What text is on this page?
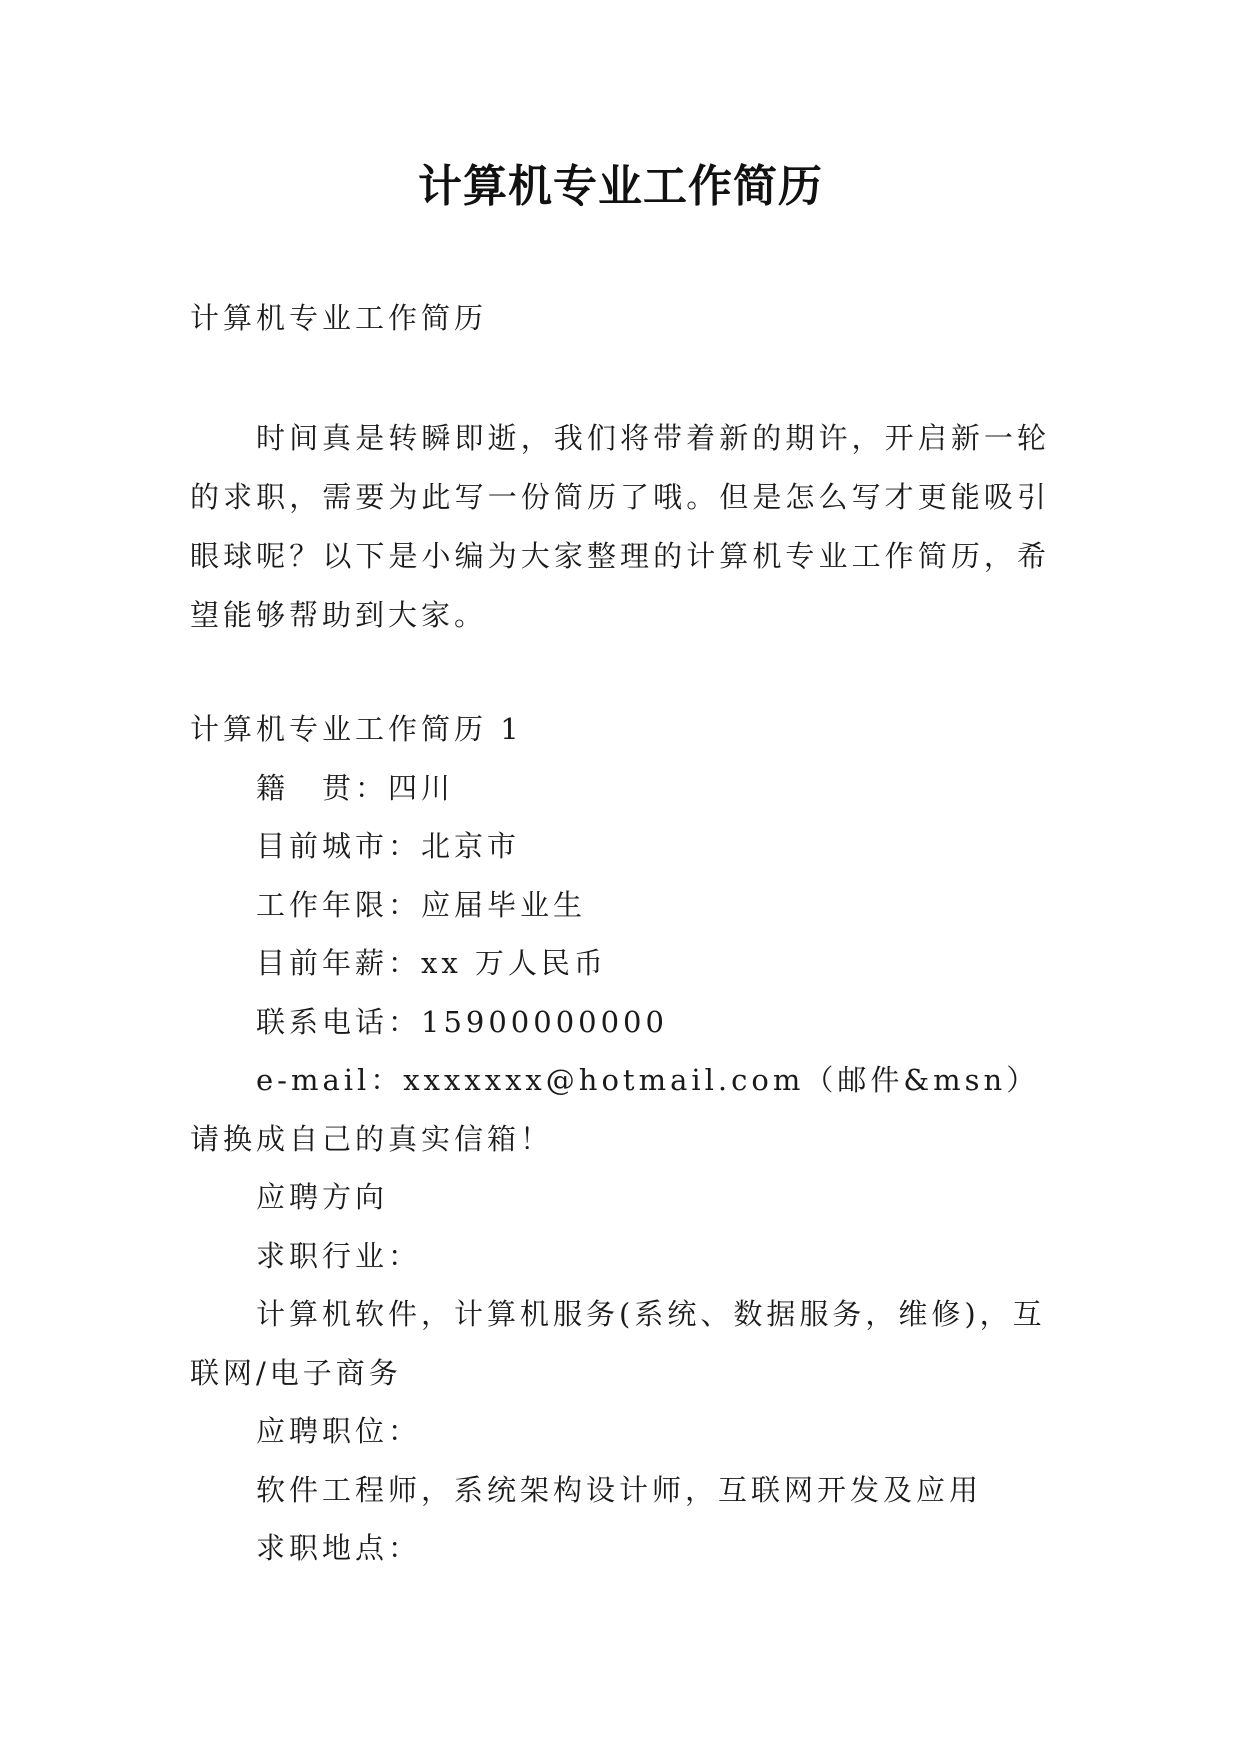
计算机专业工作简历
计算机专业工作简历
时间真是转瞬即逝，我们将带着新的期许，开启新一轮的求职，需要为此写一份简历了哦。但是怎么写才更能吸引眼球呢？以下是小编为大家整理的计算机专业工作简历，希望能够帮助到大家。

计算机专业工作简历 1

籍　贯：四川

目前城市：北京市

工作年限：应届毕业生

目前年薪：xx 万人民币

联系电话：15900000000

e-mail：xxxxxxx@hotmail.com（邮件&msn）请换成自己的真实信箱！

应聘方向

求职行业：

计算机软件，计算机服务(系统、数据服务，维修)，互联网/电子商务

应聘职位：

软件工程师，系统架构设计师，互联网开发及应用

求职地点：
